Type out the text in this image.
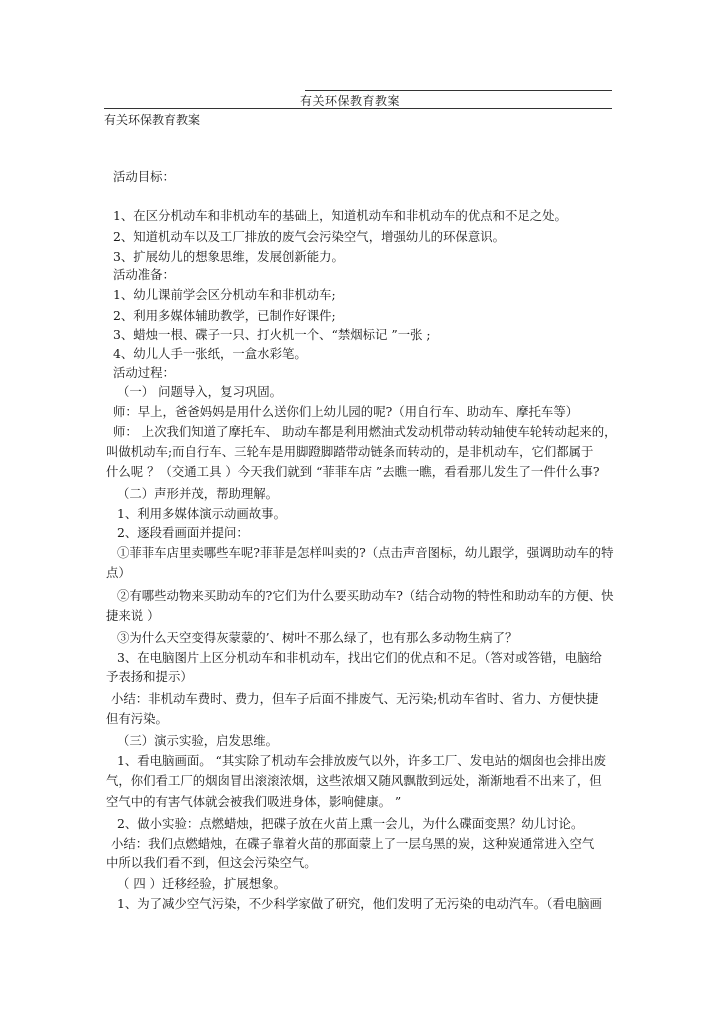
有关环保教育教案
有关环保教育教案
活动目标：
1、在区分机动车和非机动车的基础上，知道机动车和非机动车的优点和不足之处。
2、知道机动车以及工厂排放的废气会污染空气，增强幼儿的环保意识。
3、扩展幼儿的想象思维，发展创新能力。
活动准备：
1、幼儿课前学会区分机动车和非机动车;
2、利用多媒体辅助教学，已制作好课件;
3、蜡烛一根、碟子一只、打火机一个、“禁烟标记 ”一张 ;
4、幼儿人手一张纸，一盒水彩笔。
活动过程：
（一） 问题导入，复习巩固。
师：早上，爸爸妈妈是用什么送你们上幼儿园的呢?（用自行车、助动车、摩托车等）
师： 上次我们知道了摩托车、 助动车都是利用燃油式发动机带动转动轴使车轮转动起来的，
叫做机动车;而自行车、三轮车是用脚蹬脚踏带动链条而转动的，是非机动车，它们都属于
什么呢 ？（交通工具 ）今天我们就到 “菲菲车店 ”去瞧一瞧，看看那儿发生了一件什么事?
（二）声形并茂，帮助理解。
1、利用多媒体演示动画故事。
2、逐段看画面并提问：
①菲菲车店里卖哪些车呢?菲菲是怎样叫卖的?（点击声音图标，幼儿跟学，强调助动车的特
点）
②有哪些动物来买助动车的?它们为什么要买助动车?（结合动物的特性和助动车的方便、快
捷来说 ）
③为什么天空变得灰蒙蒙的’、树叶不那么绿了，也有那么多动物生病了？
3、在电脑图片上区分机动车和非机动车，找出它们的优点和不足。（答对或答错，电脑给
予表扬和提示）
小结：非机动车费时、费力，但车子后面不排废气、无污染;机动车省时、省力、方便快捷
但有污染。
（三）演示实验，启发思维。
1、看电脑画面。 “其实除了机动车会排放废气以外，许多工厂、发电站的烟囱也会排出废
气，你们看工厂的烟囱冒出滚滚浓烟，这些浓烟又随风飘散到远处，渐渐地看不出来了，但
空气中的有害气体就会被我们吸进身体，影响健康。 ”
2、做小实验：点燃蜡烛，把碟子放在火苗上熏一会儿，为什么碟面变黑？幼儿讨论。
小结：我们点燃蜡烛，在碟子靠着火苗的那面蒙上了一层乌黑的炭，这种炭通常进入空气
中所以我们看不到，但这会污染空气。
（ 四 ）迁移经验，扩展想象。
1、为了减少空气污染，不少科学家做了研究，他们发明了无污染的电动汽车。（看电脑画
